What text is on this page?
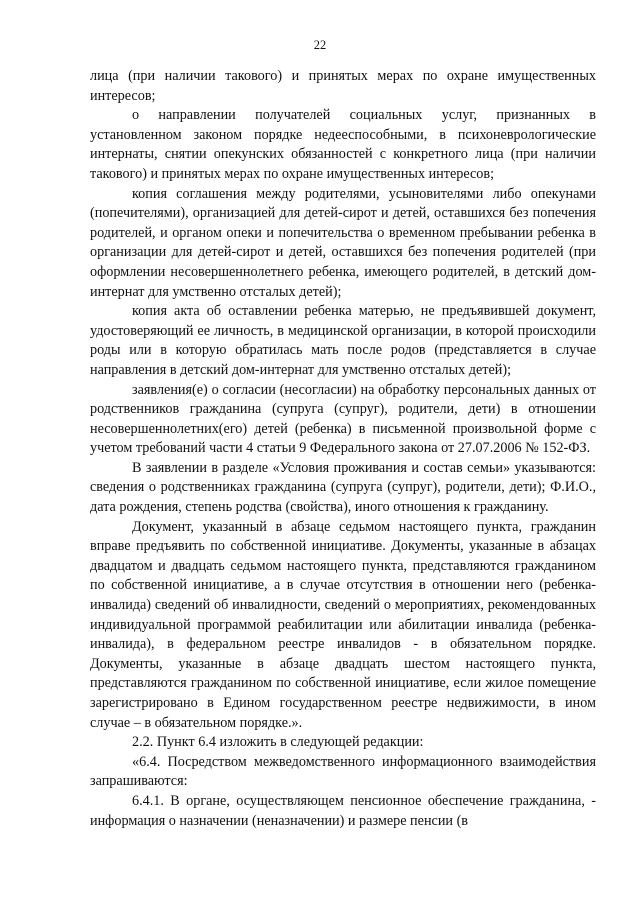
22

лица (при наличии такового) и принятых мерах по охране имущественных интересов;

о направлении получателей социальных услуг, признанных в установленном законом порядке недееспособными, в психоневрологические интернаты, снятии опекунских обязанностей с конкретного лица (при наличии такового) и принятых мерах по охране имущественных интересов;

копия соглашения между родителями, усыновителями либо опекунами (попечителями), организацией для детей-сирот и детей, оставшихся без попечения родителей, и органом опеки и попечительства о временном пребывании ребенка в организации для детей-сирот и детей, оставшихся без попечения родителей (при оформлении несовершеннолетнего ребенка, имеющего родителей, в детский дом-интернат для умственно отсталых детей);

копия акта об оставлении ребенка матерью, не предъявившей документ, удостоверяющий ее личность, в медицинской организации, в которой происходили роды или в которую обратилась мать после родов (представляется в случае направления в детский дом-интернат для умственно отсталых детей);

заявления(е) о согласии (несогласии) на обработку персональных данных от родственников гражданина (супруга (супруг), родители, дети) в отношении несовершеннолетних(его) детей (ребенка) в письменной произвольной форме с учетом требований части 4 статьи 9 Федерального закона от 27.07.2006 № 152-ФЗ.

В заявлении в разделе «Условия проживания и состав семьи» указываются: сведения о родственниках гражданина (супруга (супруг), родители, дети); Ф.И.О., дата рождения, степень родства (свойства), иного отношения к гражданину.

Документ, указанный в абзаце седьмом настоящего пункта, гражданин вправе предъявить по собственной инициативе. Документы, указанные в абзацах двадцатом и двадцать седьмом настоящего пункта, представляются гражданином по собственной инициативе, а в случае отсутствия в отношении него (ребенка-инвалида) сведений об инвалидности, сведений о мероприятиях, рекомендованных индивидуальной программой реабилитации или абилитации инвалида (ребенка-инвалида), в федеральном реестре инвалидов - в обязательном порядке. Документы, указанные в абзаце двадцать шестом настоящего пункта, представляются гражданином по собственной инициативе, если жилое помещение зарегистрировано в Едином государственном реестре недвижимости, в ином случае – в обязательном порядке.».

2.2. Пункт 6.4 изложить в следующей редакции:

«6.4. Посредством межведомственного информационного взаимодействия запрашиваются:

6.4.1. В органе, осуществляющем пенсионное обеспечение гражданина, - информация о назначении (неназначении) и размере пенсии (в
